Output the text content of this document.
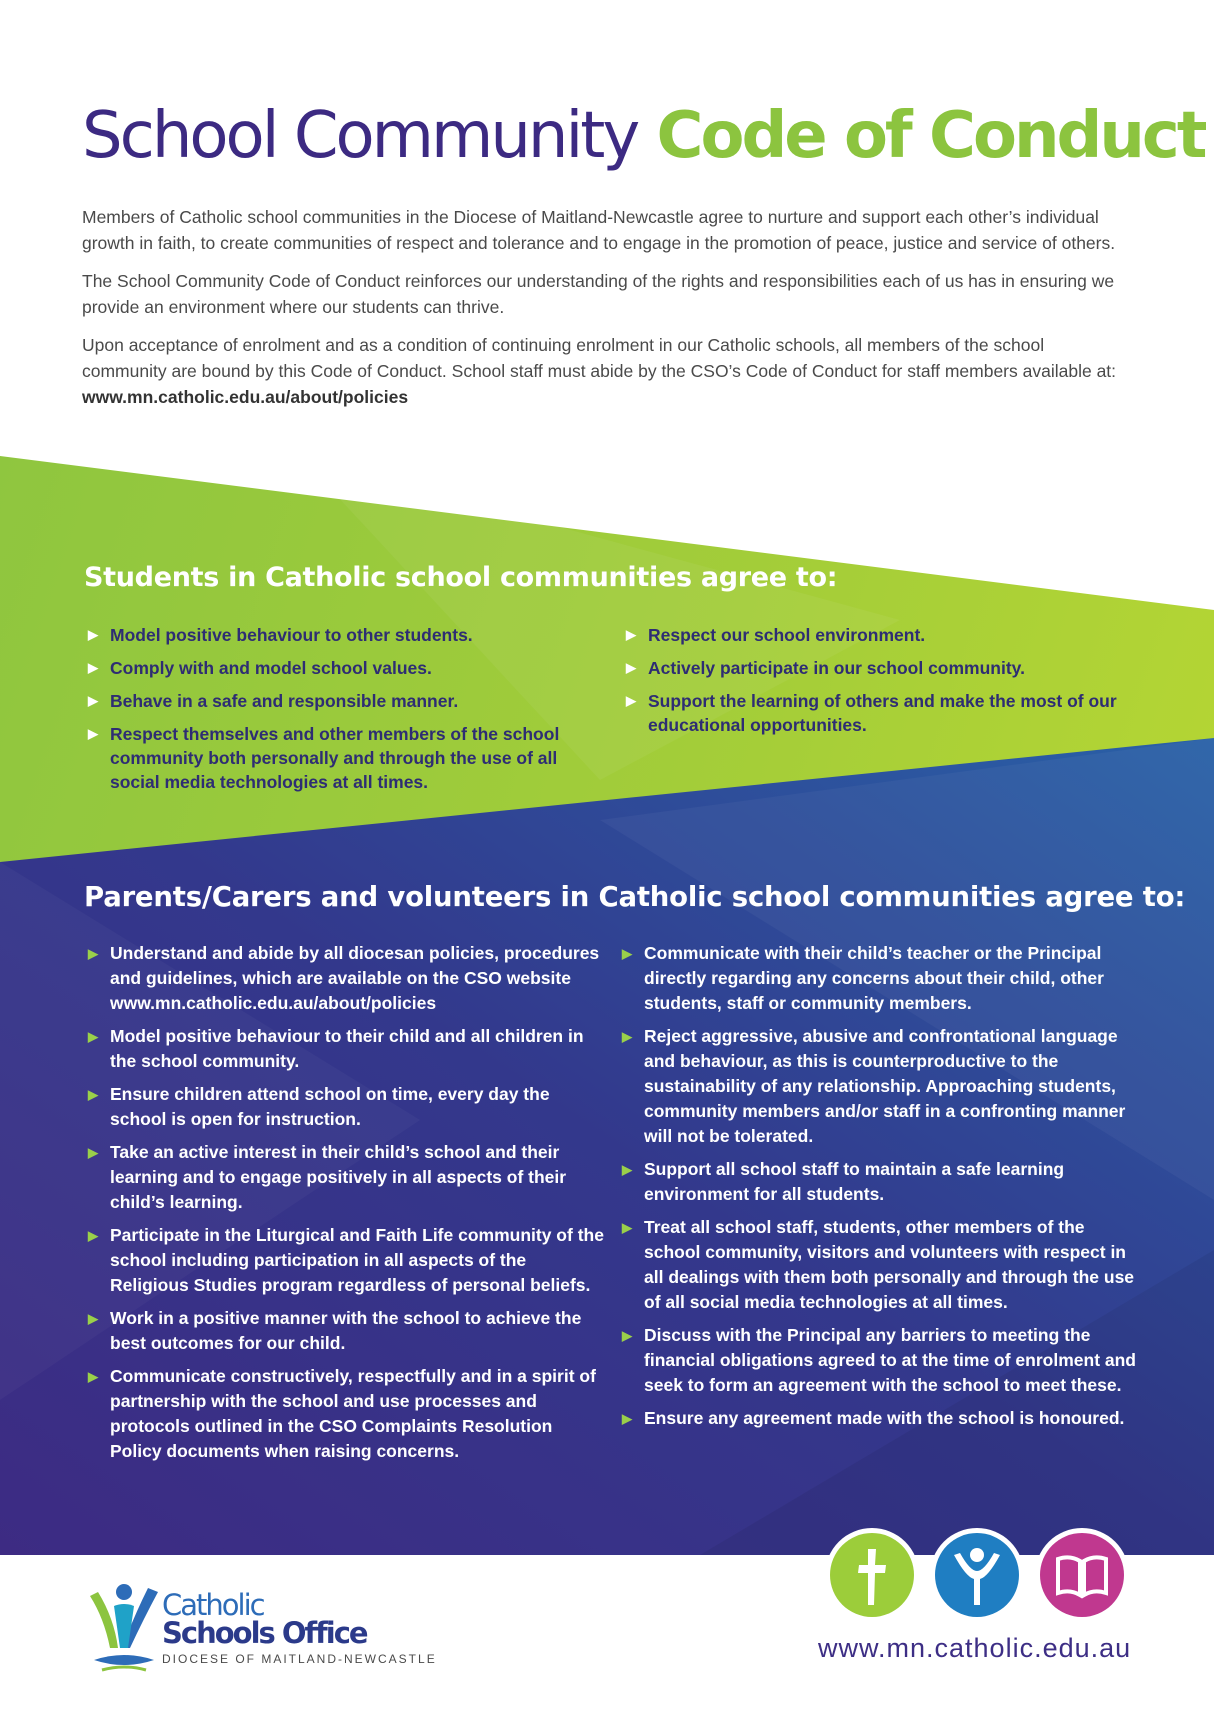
School Community Code of Conduct

Members of Catholic school communities in the Diocese of Maitland-Newcastle agree to nurture and support each other’s individual growth in faith, to create communities of respect and tolerance and to engage in the promotion of peace, justice and service of others.

The School Community Code of Conduct reinforces our understanding of the rights and responsibilities each of us has in ensuring we provide an environment where our students can thrive.

Upon acceptance of enrolment and as a condition of continuing enrolment in our Catholic schools, all members of the school community are bound by this Code of Conduct. School staff must abide by the CSO’s Code of Conduct for staff members available at: www.mn.catholic.edu.au/about/policies

Students in Catholic school communities agree to:
▶ Model positive behaviour to other students.
▶ Comply with and model school values.
▶ Behave in a safe and responsible manner.
▶ Respect themselves and other members of the school community both personally and through the use of all social media technologies at all times.
▶ Respect our school environment.
▶ Actively participate in our school community.
▶ Support the learning of others and make the most of our educational opportunities.
Parents/Carers and volunteers in Catholic school communities agree to:
▶ Understand and abide by all diocesan policies, procedures and guidelines, which are available on the CSO website www.mn.catholic.edu.au/about/policies
▶ Model positive behaviour to their child and all children in the school community.
▶ Ensure children attend school on time, every day the school is open for instruction.
▶ Take an active interest in their child’s school and their learning and to engage positively in all aspects of their child’s learning.
▶ Participate in the Liturgical and Faith Life community of the school including participation in all aspects of the Religious Studies program regardless of personal beliefs.
▶ Work in a positive manner with the school to achieve the best outcomes for our child.
▶ Communicate constructively, respectfully and in a spirit of partnership with the school and use processes and protocols outlined in the CSO Complaints Resolution Policy documents when raising concerns.
▶ Communicate with their child’s teacher or the Principal directly regarding any concerns about their child, other students, staff or community members.
▶ Reject aggressive, abusive and confrontational language and behaviour, as this is counterproductive to the sustainability of any relationship. Approaching students, community members and/or staff in a confronting manner will not be tolerated.
▶ Support all school staff to maintain a safe learning environment for all students.
▶ Treat all school staff, students, other members of the school community, visitors and volunteers with respect in all dealings with them both personally and through the use of all social media technologies at all times.
▶ Discuss with the Principal any barriers to meeting the financial obligations agreed to at the time of enrolment and seek to form an agreement with the school to meet these.
▶ Ensure any agreement made with the school is honoured.
Catholic
Schools Office
DIOCESE OF MAITLAND-NEWCASTLE	www.mn.catholic.edu.au
